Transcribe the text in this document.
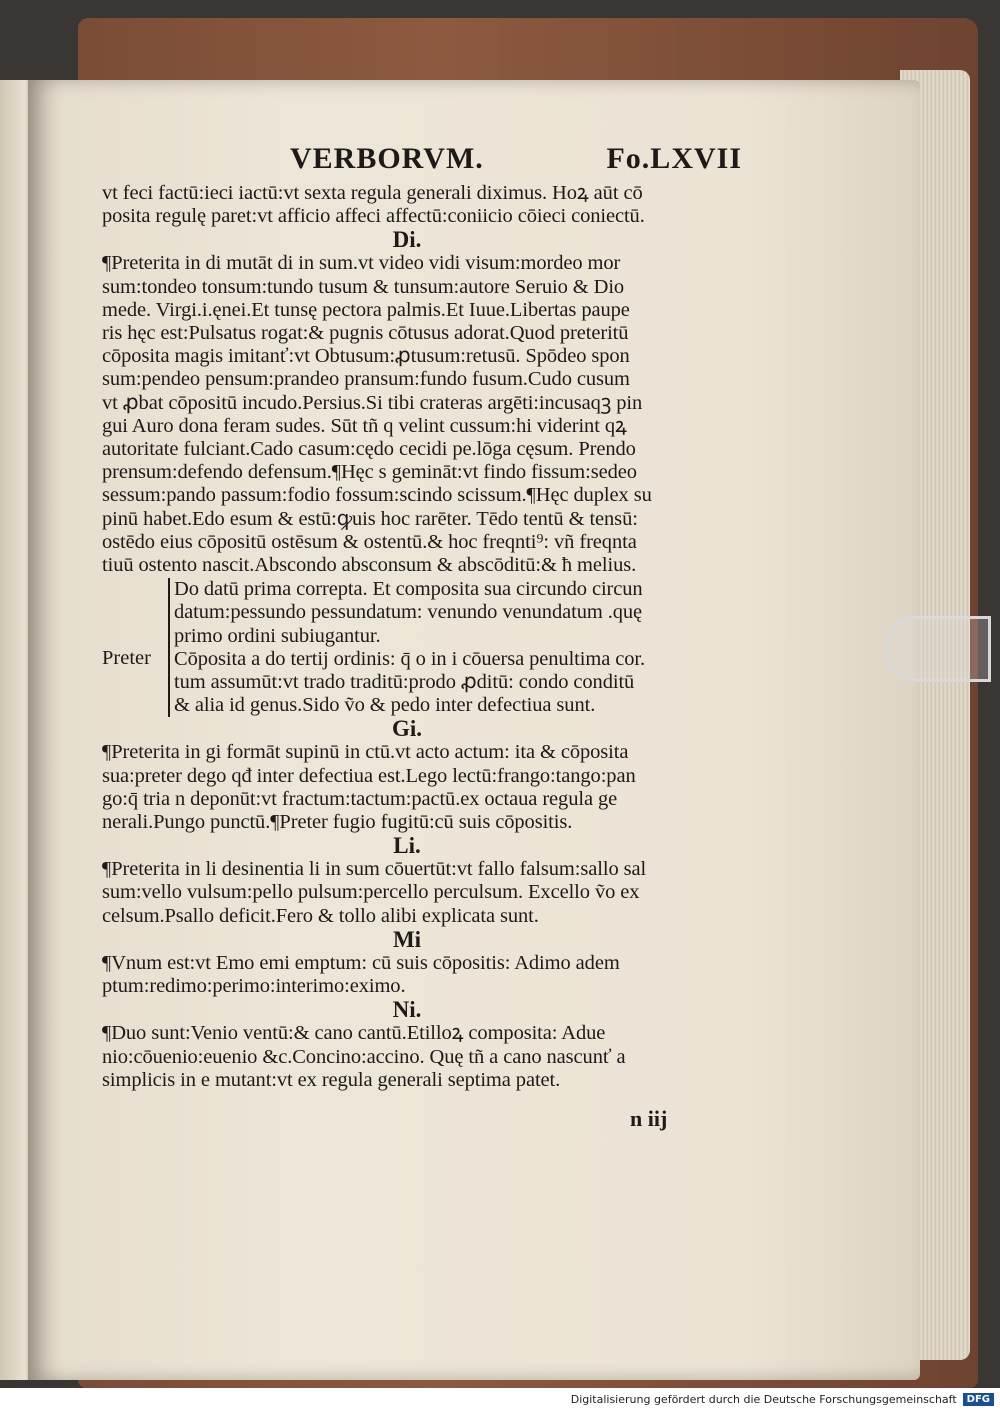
VERBORVM.	Fo.LXVII
vt feci factū:ieci iactū:vt sexta regula generali diximus. Hoꝝ aūt cō
posita regulę paret:vt afficio affeci affectū:coniicio cōieci coniectū.
Di.
¶Preterita in di mutāt di in sum.vt video vidi visum:mordeo mor
sum:tondeo tonsum:tundo tusum & tunsum:autore Seruio & Dio
mede. Virgi.i.ęnei.Et tunsę pectora palmis.Et Iuue.Libertas paupe
ris hęc est:Pulsatus rogat:& pugnis cōtusus adorat.Quod preteritū
cōposita magis imitanť:vt Obtusum:ꝓtusum:retusū. Spōdeo spon
sum:pendeo pensum:prandeo pransum:fundo fusum.Cudo cusum
vt ꝓbat cōpositū incudo.Persius.Si tibi crateras argēti:incusaqꝫ pin
gui Auro dona feram sudes. Sūt tñ q velint cussum:hi viderint qꝝ
autoritate fulciant.Cado casum:cędo cecidi pe.lōga cęsum. Prendo
prensum:defendo defensum.¶Hęc s gemināt:vt findo fissum:sedeo
sessum:pando passum:fodio fossum:scindo scissum.¶Hęc duplex su
pinū habet.Edo esum & estū:ꝙuis hoc rarēter. Tēdo tentū & tensū:
ostēdo eius cōpositū ostēsum & ostentū.& hoc freqnti⁹: vñ freqnta
tiuū ostento nascit.Abscondo absconsum & abscōditū:& ħ melius.
Preter
Do datū prima correpta. Et composita sua circundo circun
datum:pessundo pessundatum: venundo venundatum .quę
primo ordini subiugantur.
Cōposita a do tertij ordinis: q̄ o in i cōuersa penultima cor.
tum assumūt:vt trado traditū:prodo ꝓditū: condo conditū
& alia id genus.Sido ṽo & pedo inter defectiua sunt.
Gi.
¶Preterita in gi formāt supinū in ctū.vt acto actum: ita & cōposita
sua:preter dego qđ inter defectiua est.Lego lectū:frango:tango:pan
go:q̄ tria n deponūt:vt fractum:tactum:pactū.ex octaua regula ge
nerali.Pungo punctū.¶Preter fugio fugitū:cū suis cōpositis.
Li.
¶Preterita in li desinentia li in sum cōuertūt:vt fallo falsum:sallo sal
sum:vello vulsum:pello pulsum:percello perculsum. Excello ṽo ex
celsum.Psallo deficit.Fero & tollo alibi explicata sunt.
Mi
¶Vnum est:vt Emo emi emptum: cū suis cōpositis: Adimo adem
ptum:redimo:perimo:interimo:eximo.
Ni.
¶Duo sunt:Venio ventū:& cano cantū.Etilloꝝ composita: Adue
nio:cōuenio:euenio &c.Concino:accino. Quę tñ a cano nascunť a
simplicis in e mutant:vt ex regula generali septima patet.
n iij
Digitalisierung gefördert durch die Deutsche Forschungsgemeinschaft	DFG
